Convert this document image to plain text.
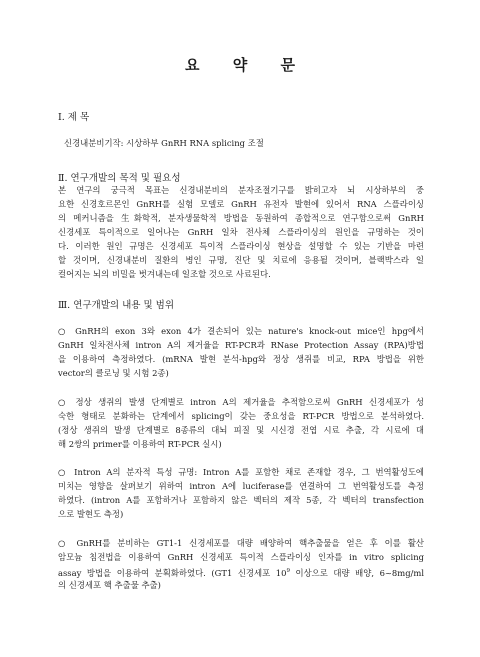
요 약 문
Ⅰ. 제 목
신경내분비기작: 시상하부 GnRH RNA splicing 조절
Ⅱ. 연구개발의 목적 및 필요성
본 연구의 궁극적 목표는 신경내분비의 분자조절기구를 밝히고자 뇌 시상하부의 중
요한 신경호르몬인 GnRH를 실험 모델로 GnRH 유전자 발현에 있어서 RNA 스플라이싱
의 메커니즘을 生화학적, 분자생물학적 방법을 동원하여 종합적으로 연구함으로써 GnRH
신경세포 특이적으로 일어나는 GnRH 일차 전사체 스플라이싱의 원인을 규명하는 것이
다. 이러한 원인 규명은 신경세포 특이적 스플라이싱 현상을 설명할 수 있는 기반을 마련
할 것이며, 신경내분비 질환의 병인 규명, 진단 및 치료에 응용될 것이며, 블랙박스라 일
컬어지는 뇌의 비밀을 벗겨내는데 일조할 것으로 사료된다.
Ⅲ. 연구개발의 내용 및 범위
○ GnRH의 exon 3와 exon 4가 결손되어 있는 nature's knock-out mice인 hpg에서
GnRH 일차전사체 intron A의 제거율을 RT-PCR과 RNase Protection Assay (RPA)방법
을 이용하여 측정하였다. (mRNA 발현 분석-hpg와 정상 생쥐를 비교, RPA 방법을 위한
vector의 클로닝 및 시험 2종)
○ 정상 생쥐의 발생 단계별로 intron A의 제거율을 추적함으로써 GnRH 신경세포가 성
숙한 형태로 분화하는 단계에서 splicing이 갖는 중요성을 RT-PCR 방법으로 분석하였다.
(정상 생쥐의 발생 단계별로 8종류의 대뇌 피질 및 시신경 전엽 시료 추출, 각 시료에 대
해 2쌍의 primer를 이용하여 RT-PCR 실시)
○ Intron A의 분자적 특성 규명: Intron A를 포함한 채로 존재할 경우, 그 번역활성도에
미치는 영향을 살펴보기 위하여 intron A에 luciferase를 연결하여 그 번역활성도를 측정
하였다. (intron A를 포함하거나 포함하지 않은 벡터의 제작 5종, 각 벡터의 transfection
으로 발현도 측정)
○ GnRH를 분비하는 GT1-1 신경세포를 대량 배양하여 핵추출물을 얻은 후 이를 활산
암모늄 침전법을 이용하여 GnRH 신경세포 특이적 스플라이싱 인자를 in vitro splicing
assay 방법을 이용하여 분획화하였다. (GT1 신경세포 $10^9$ 이상으로 대량 배양, 6~8mg/ml
의 신경세포 핵 추출물 추출)
